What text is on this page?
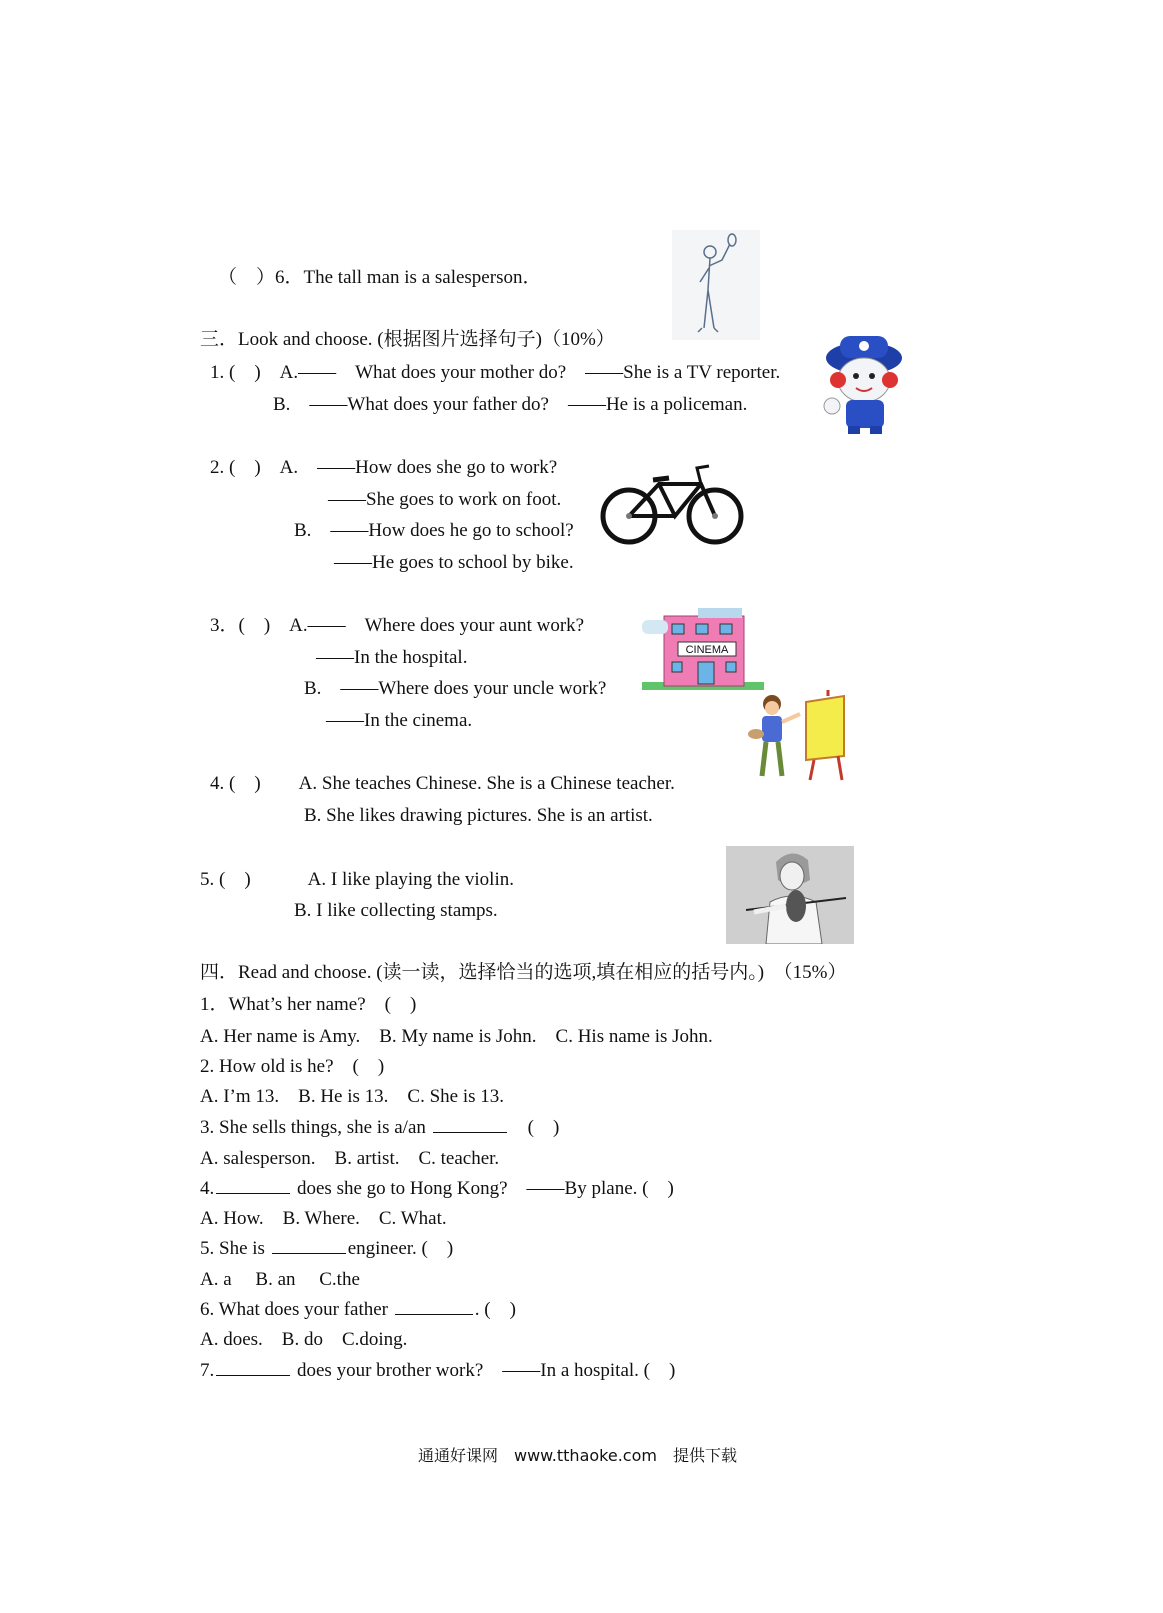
（　）6．The tall man is a salesperson．
三．Look and choose. (根据图片选择句子)（10%）
1. (　)　A.——　What does your mother do?　——She is a TV reporter.
B.　——What does your father do?　——He is a policeman.
2. (　)　A.　——How does she go to work?
——She goes to work on foot.
B.　——How does he go to school?
——He goes to school by bike.
3．(　)　A.——　Where does your aunt work?
——In the hospital.
B.　——Where does your uncle work?
——In the cinema.
CINEMA
4. (　)　　A. She teaches Chinese. She is a Chinese teacher.
B. She likes drawing pictures. She is an artist.
5. (　)　　　A. I like playing the violin.
B. I like collecting stamps.
四．Read and choose. (读一读，选择恰当的选项,填在相应的括号内。)　（15%）
1．What’s her name?　(　)
A. Her name is Amy.　B. My name is John.　C. His name is John.
2. How old is he?　(　)
A. I’m 13.　B. He is 13.　C. She is 13.
3. She sells things, she is a/an	　(　)
A. salesperson.　B. artist.　C. teacher.
4.	does she go to Hong Kong?　——By plane. (　)
A. How.　B. Where.　C. What.
5. She is	engineer. (　)
A. a　 B. an　 C.the
6. What does your father	. (　)
A. does.　B. do　C.doing.
7.	does your brother work?　——In a hospital. (　)
通通好课网　www.tthaoke.com　提供下载
